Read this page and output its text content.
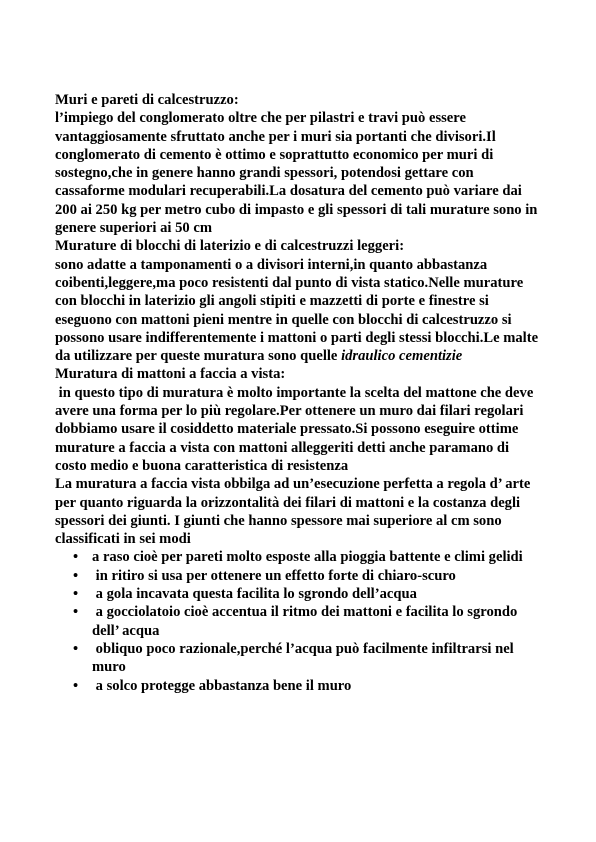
Muri e pareti di calcestruzzo:

l’impiego del conglomerato oltre che per pilastri e travi può essere vantaggiosamente sfruttato anche per i muri sia portanti che divisori.Il conglomerato di cemento è ottimo e soprattutto economico per muri di sostegno,che in genere hanno grandi spessori, potendosi gettare con cassaforme modulari recuperabili.La dosatura del cemento può variare dai 200 ai 250 kg per metro cubo di impasto e gli spessori di tali murature sono in genere superiori ai 50 cm

Murature di blocchi di laterizio e di calcestruzzi leggeri:

sono adatte a tamponamenti o a divisori interni,in quanto abbastanza coibenti,leggere,ma poco resistenti dal punto di vista statico.Nelle murature con blocchi in laterizio gli angoli stipiti e mazzetti di porte e finestre si eseguono con mattoni pieni mentre in quelle con blocchi di calcestruzzo si possono usare indifferentemente i mattoni o parti degli stessi blocchi.Le malte da utilizzare per queste muratura sono quelle idraulico cementizie

Muratura di mattoni a faccia a vista:

in questo tipo di muratura è molto importante la scelta del mattone che deve avere una forma per lo più regolare.Per ottenere un muro dai filari regolari dobbiamo usare il cosiddetto materiale pressato.Si possono eseguire ottime murature a faccia a vista con mattoni alleggeriti detti anche paramano di costo medio e buona caratteristica di resistenza

La muratura a faccia vista obbilga ad un’esecuzione perfetta a regola d’ arte per quanto riguarda la orizzontalità dei filari di mattoni e la costanza degli spessori dei giunti. I giunti che hanno spessore mai superiore al cm sono classificati in sei modi

• a raso cioè per pareti molto esposte alla pioggia battente e climi gelidi
• in ritiro si usa per ottenere un effetto forte di chiaro-scuro
• a gola incavata questa facilita lo sgrondo dell’acqua
• a gocciolatoio cioè accentua il ritmo dei mattoni e facilita lo sgrondo dell’ acqua
• obliquo poco razionale,perché l’acqua può facilmente infiltrarsi nel muro
• a solco protegge abbastanza bene il muro
